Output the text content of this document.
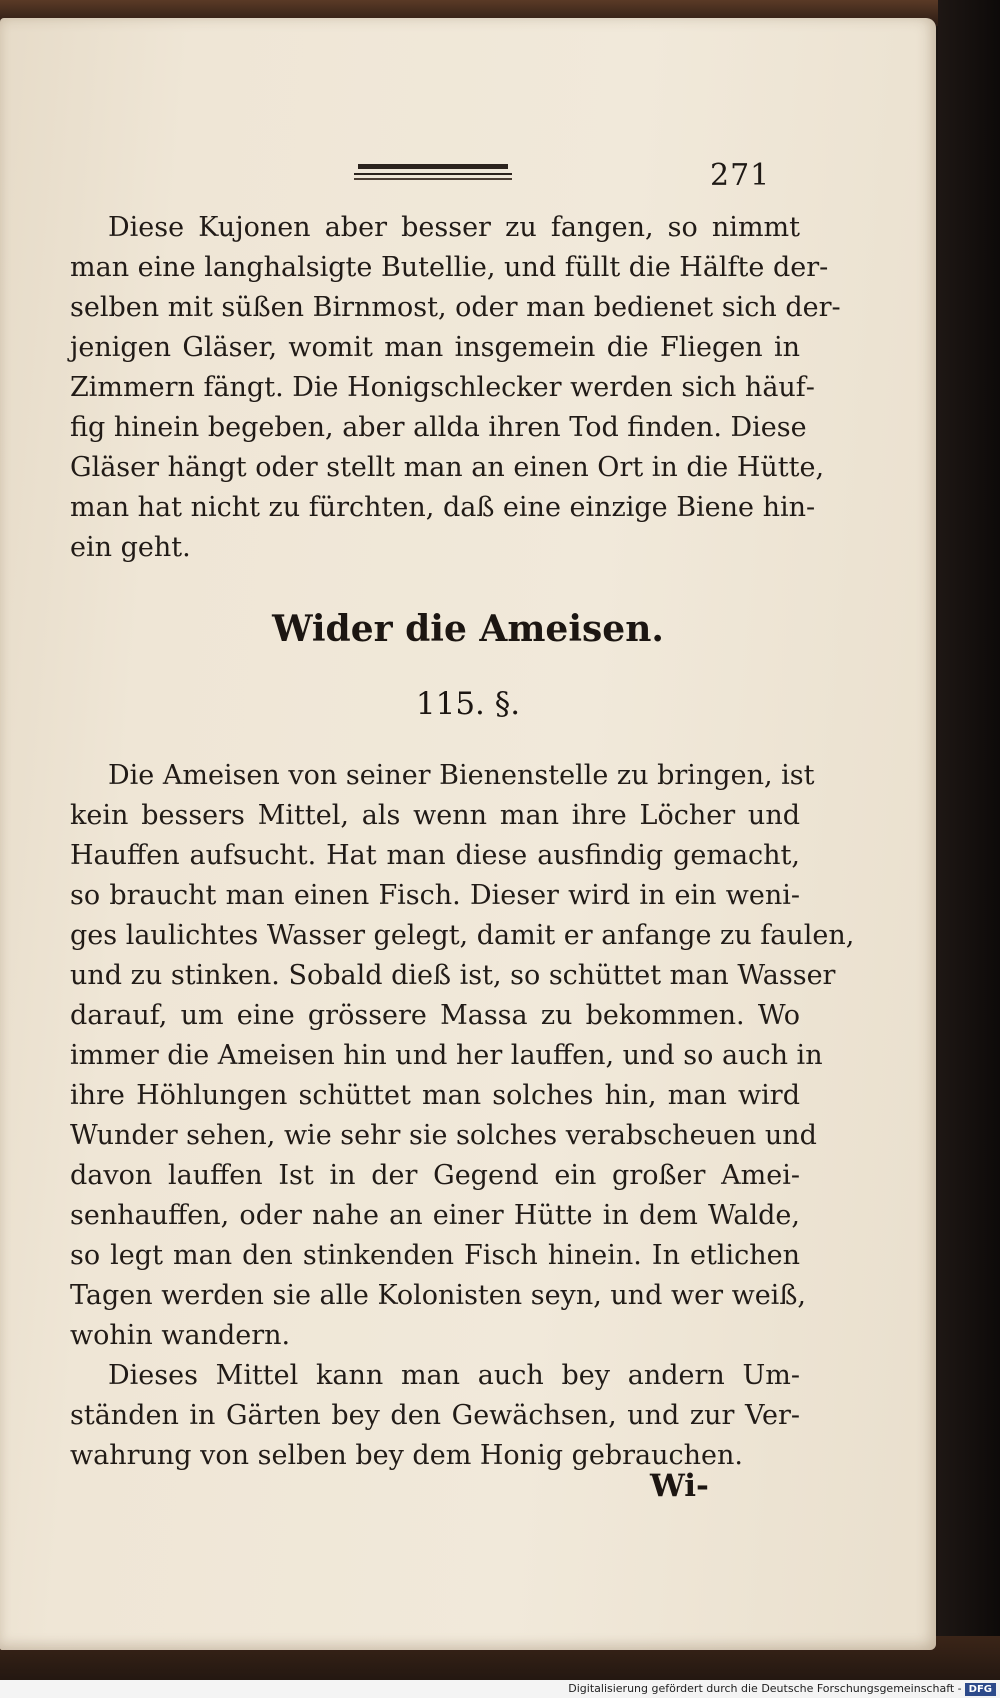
271
Diese Kujonen aber besser zu fangen, so nimmt
man eine langhalsigte Butellie, und füllt die Hälfte der‐
selben mit süßen Birnmost, oder man bedienet sich der‐
jenigen Gläser, womit man insgemein die Fliegen in
Zimmern fängt. Die Honigschlecker werden sich häuf‐
fig hinein begeben, aber allda ihren Tod finden. Diese
Gläser hängt oder stellt man an einen Ort in die Hütte,
man hat nicht zu fürchten, daß eine einzige Biene hin‐
ein geht.
Wider die Ameisen.
115. §.
Die Ameisen von seiner Bienenstelle zu bringen, ist
kein bessers Mittel, als wenn man ihre Löcher und
Hauffen aufsucht. Hat man diese ausfindig gemacht,
so braucht man einen Fisch. Dieser wird in ein weni‐
ges laulichtes Wasser gelegt, damit er anfange zu faulen,
und zu stinken. Sobald dieß ist, so schüttet man Wasser
darauf, um eine grössere Massa zu bekommen. Wo
immer die Ameisen hin und her lauffen, und so auch in
ihre Höhlungen schüttet man solches hin, man wird
Wunder sehen, wie sehr sie solches verabscheuen und
davon lauffen Ist in der Gegend ein großer Amei‐
senhauffen, oder nahe an einer Hütte in dem Walde,
so legt man den stinkenden Fisch hinein. In etlichen
Tagen werden sie alle Kolonisten seyn, und wer weiß,
wohin wandern.
Dieses Mittel kann man auch bey andern Um‐
ständen in Gärten bey den Gewächsen, und zur Ver‐
wahrung von selben bey dem Honig gebrauchen.
Wi‐
Digitalisierung gefördert durch die Deutsche Forschungsgemeinschaft - DFG
